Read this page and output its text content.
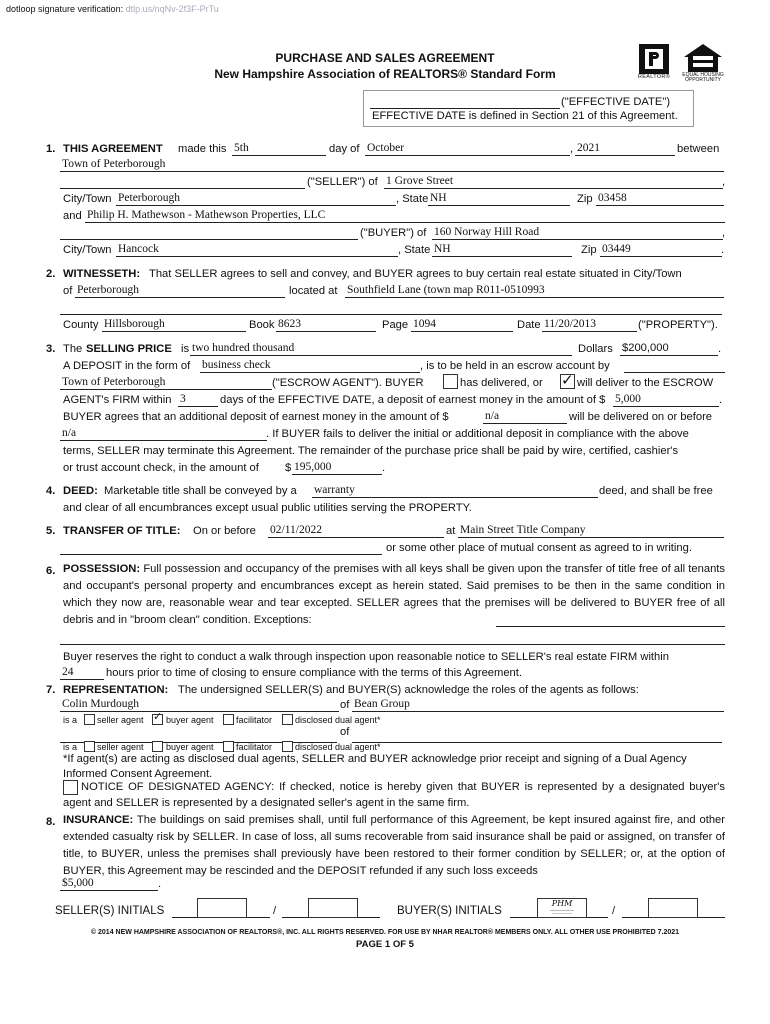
dotloop signature verification: dtlp.us/nqNv-2f3F-PrTu
PURCHASE AND SALES AGREEMENT
New Hampshire Association of REALTORS® Standard Form	REALTOR®	EQUAL HOUSING OPPORTUNITY
("EFFECTIVE DATE")
EFFECTIVE DATE is defined in Section 21 of this Agreement.
1. THIS AGREEMENT made this 5th	day of October	, 2021	between
Town of Peterborough
("SELLER") of 1 Grove Street	,
City/Town Peterborough	, State NH	Zip 03458
and Philip H. Mathewson - Mathewson Properties, LLC
("BUYER") of 160 Norway Hill Road	,
City/Town Hancock	, State NH	Zip 03449	.
2. WITNESSETH: That SELLER agrees to sell and convey, and BUYER agrees to buy certain real estate situated in City/Town
of Peterborough	located at Southfield Lane (town map R011-0510993
County Hillsborough	Book 8623	Page 1094	Date 11/20/2013	("PROPERTY").
3. The SELLING PRICE is two hundred thousand	Dollars $200,000	.
A DEPOSIT in the form of business check	, is to be held in an escrow account by
Town of Peterborough	("ESCROW AGENT"). BUYER	has delivered, or ✓ will deliver to the ESCROW
AGENT's FIRM within 3	days of the EFFECTIVE DATE, a deposit of earnest money in the amount of $ 5,000	.
BUYER agrees that an additional deposit of earnest money in the amount of $	n/a	will be delivered on or before
n/a	. If BUYER fails to deliver the initial or additional deposit in compliance with the above
terms, SELLER may terminate this Agreement. The remainder of the purchase price shall be paid by wire, certified, cashier's
or trust account check, in the amount of $ 195,000	.
4. DEED: Marketable title shall be conveyed by a warranty	deed, and shall be free
and clear of all encumbrances except usual public utilities serving the PROPERTY.
5. TRANSFER OF TITLE: On or before 02/11/2022	at Main Street Title Company
or some other place of mutual consent as agreed to in writing.
6. POSSESSION: Full possession and occupancy of the premises with all keys shall be given upon the transfer of title free of all tenants and occupant's personal property and encumbrances except as herein stated. Said premises to be then in the same condition in which they now are, reasonable wear and tear excepted. SELLER agrees that the premises will be delivered to BUYER free of all debris and in "broom clean" condition. Exceptions:

Buyer reserves the right to conduct a walk through inspection upon reasonable notice to SELLER's real estate FIRM within
24	hours prior to time of closing to ensure compliance with the terms of this Agreement.
7. REPRESENTATION: The undersigned SELLER(S) and BUYER(S) acknowledge the roles of the agents as follows:
Colin Murdough	of Bean Group
is a seller agent ✓ buyer agent facilitator	disclosed dual agent*
of
is a seller agent buyer agent facilitator	disclosed dual agent*
*If agent(s) are acting as disclosed dual agents, SELLER and BUYER acknowledge prior receipt and signing of a Dual Agency Informed Consent Agreement.

NOTICE OF DESIGNATED AGENCY: If checked, notice is hereby given that BUYER is represented by a designated buyer's agent and SELLER is represented by a designated seller's agent in the same firm.

8. INSURANCE: The buildings on said premises shall, until full performance of this Agreement, be kept insured against fire, and other extended casualty risk by SELLER. In case of loss, all sums recoverable from said insurance shall be paid or assigned, on transfer of title, to BUYER, unless the premises shall previously have been restored to their former condition by SELLER; or, at the option of BUYER, this Agreement may be rescinded and the DEPOSIT refunded if any such loss exceeds

$5,000	.
SELLER(S) INITIALS	/	BUYER(S) INITIALS
PHM
/
© 2014 NEW HAMPSHIRE ASSOCIATION OF REALTORS®, INC. ALL RIGHTS RESERVED. FOR USE BY NHAR REALTOR® MEMBERS ONLY. ALL OTHER USE PROHIBITED 7.2021
PAGE 1 OF 5
